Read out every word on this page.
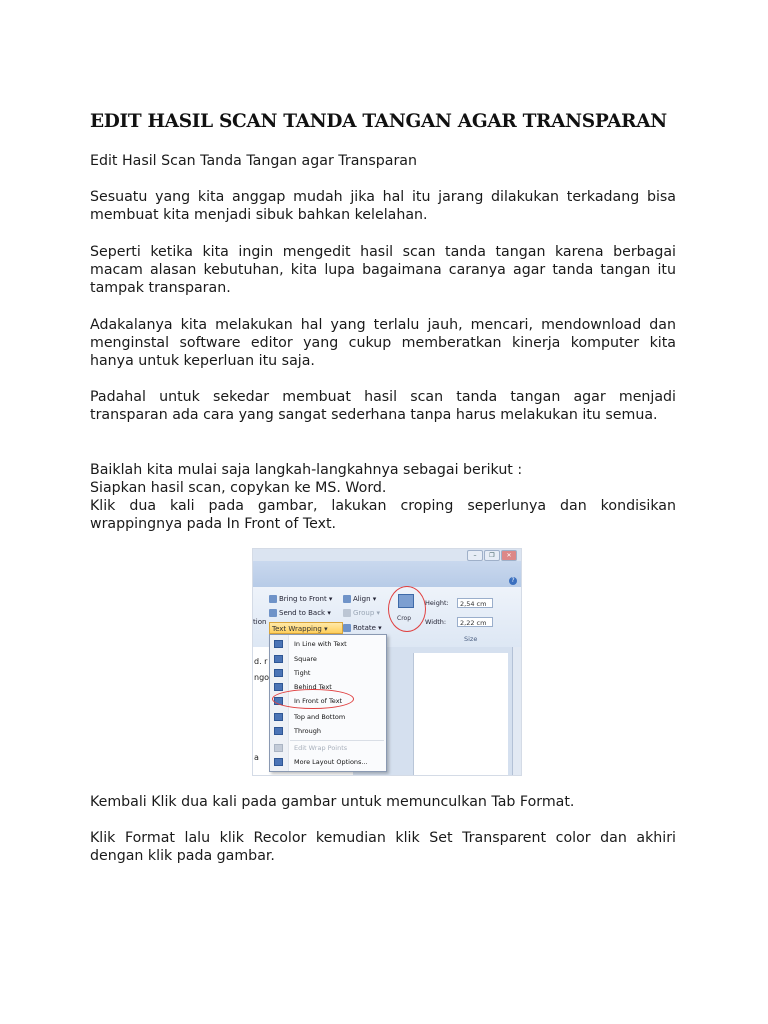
EDIT HASIL SCAN TANDA TANGAN AGAR TRANSPARAN

Edit Hasil Scan Tanda Tangan agar Transparan

Sesuatu yang kita anggap mudah jika hal itu jarang dilakukan terkadang bisa membuat kita menjadi sibuk bahkan kelelahan.

Seperti ketika kita ingin mengedit hasil scan tanda tangan karena berbagai macam alasan kebutuhan, kita lupa bagaimana caranya agar tanda tangan itu tampak transparan.

Adakalanya kita melakukan hal yang terlalu jauh, mencari, mendownload dan menginstal software editor yang cukup memberatkan kinerja komputer kita hanya untuk keperluan itu saja.

Padahal untuk sekedar membuat hasil scan tanda tangan agar menjadi transparan ada cara yang sangat sederhana tanpa harus melakukan itu semua.

Baiklah kita mulai saja langkah-langkahnya sebagai berikut :

Siapkan hasil scan, copykan ke MS. Word.

Klik dua kali pada gambar, lakukan croping seperlunya dan kondisikan wrappingnya pada In Front of Text.

Kembali Klik dua kali pada gambar untuk memunculkan Tab Format.

Klik Format lalu klik Recolor kemudian klik Set Transparent color dan akhiri dengan klik pada gambar.

–	❐	✕
?
Bring to Front ▾
Send to Back ▾
tion
Text Wrapping ▾
Align ▾
Group ▾
Rotate ▾
Crop
Height:	2,54 cm
Width:	2,22 cm
Size
d. r
ngo
a
In Line with Text
Square
Tight
Behind Text
In Front of Text
Top and Bottom
Through
Edit Wrap Points
More Layout Options...
